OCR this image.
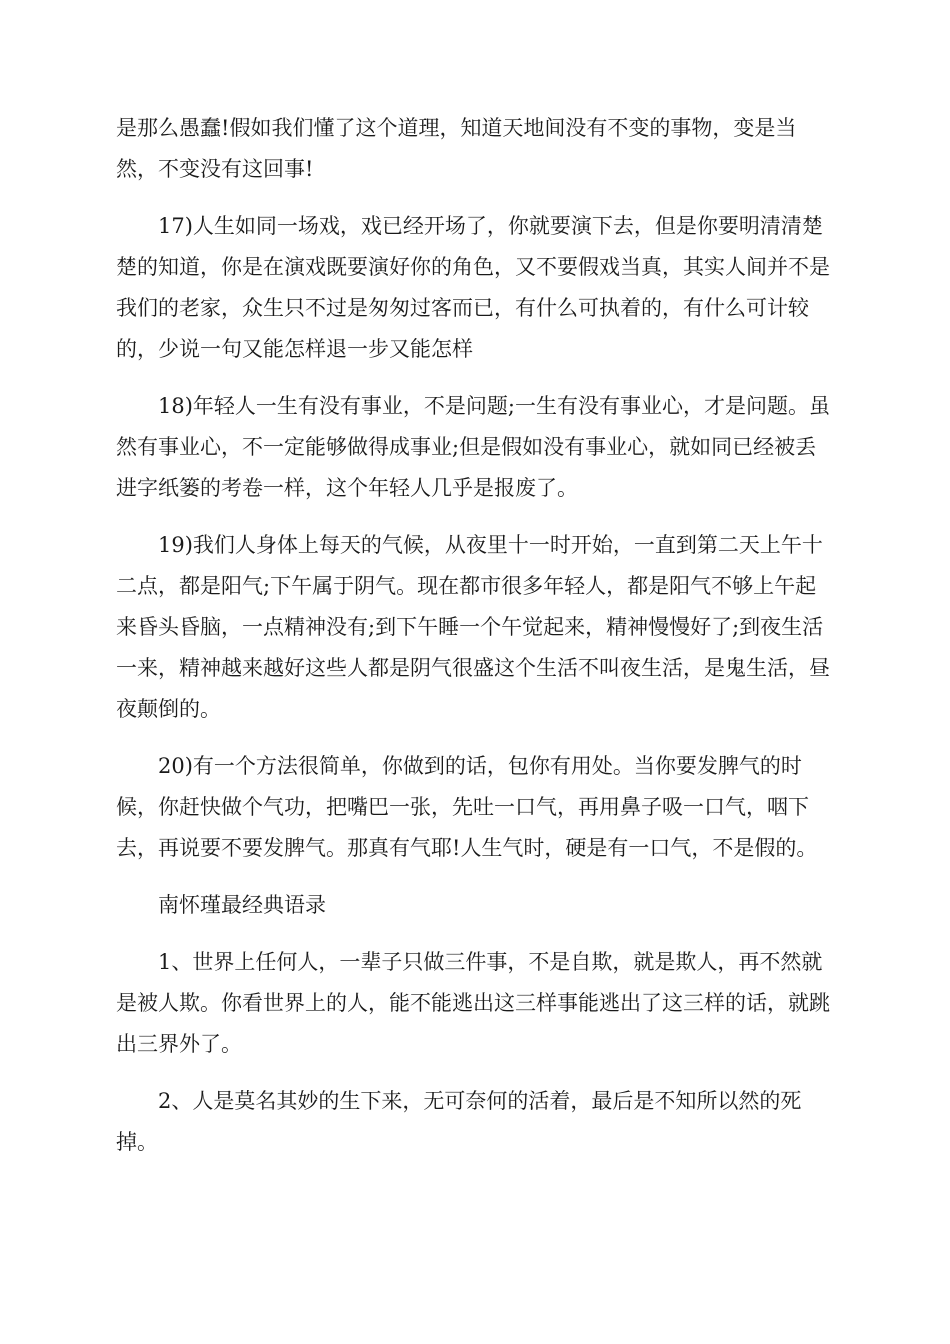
是那么愚蠢!假如我们懂了这个道理，知道天地间没有不变的事物，变是当然，不变没有这回事!

17)人生如同一场戏，戏已经开场了，你就要演下去，但是你要明清清楚楚的知道，你是在演戏既要演好你的角色，又不要假戏当真，其实人间并不是我们的老家，众生只不过是匆匆过客而已，有什么可执着的，有什么可计较的，少说一句又能怎样退一步又能怎样

18)年轻人一生有没有事业，不是问题;一生有没有事业心，才是问题。虽然有事业心，不一定能够做得成事业;但是假如没有事业心，就如同已经被丢进字纸篓的考卷一样，这个年轻人几乎是报废了。

19)我们人身体上每天的气候，从夜里十一时开始，一直到第二天上午十二点，都是阳气;下午属于阴气。现在都市很多年轻人，都是阳气不够上午起来昏头昏脑，一点精神没有;到下午睡一个午觉起来，精神慢慢好了;到夜生活一来，精神越来越好这些人都是阴气很盛这个生活不叫夜生活，是鬼生活，昼夜颠倒的。

20)有一个方法很简单，你做到的话，包你有用处。当你要发脾气的时候，你赶快做个气功，把嘴巴一张，先吐一口气，再用鼻子吸一口气，咽下去，再说要不要发脾气。那真有气耶!人生气时，硬是有一口气，不是假的。

南怀瑾最经典语录

1、世界上任何人，一辈子只做三件事，不是自欺，就是欺人，再不然就是被人欺。你看世界上的人，能不能逃出这三样事能逃出了这三样的话，就跳出三界外了。

2、人是莫名其妙的生下来，无可奈何的活着，最后是不知所以然的死掉。
